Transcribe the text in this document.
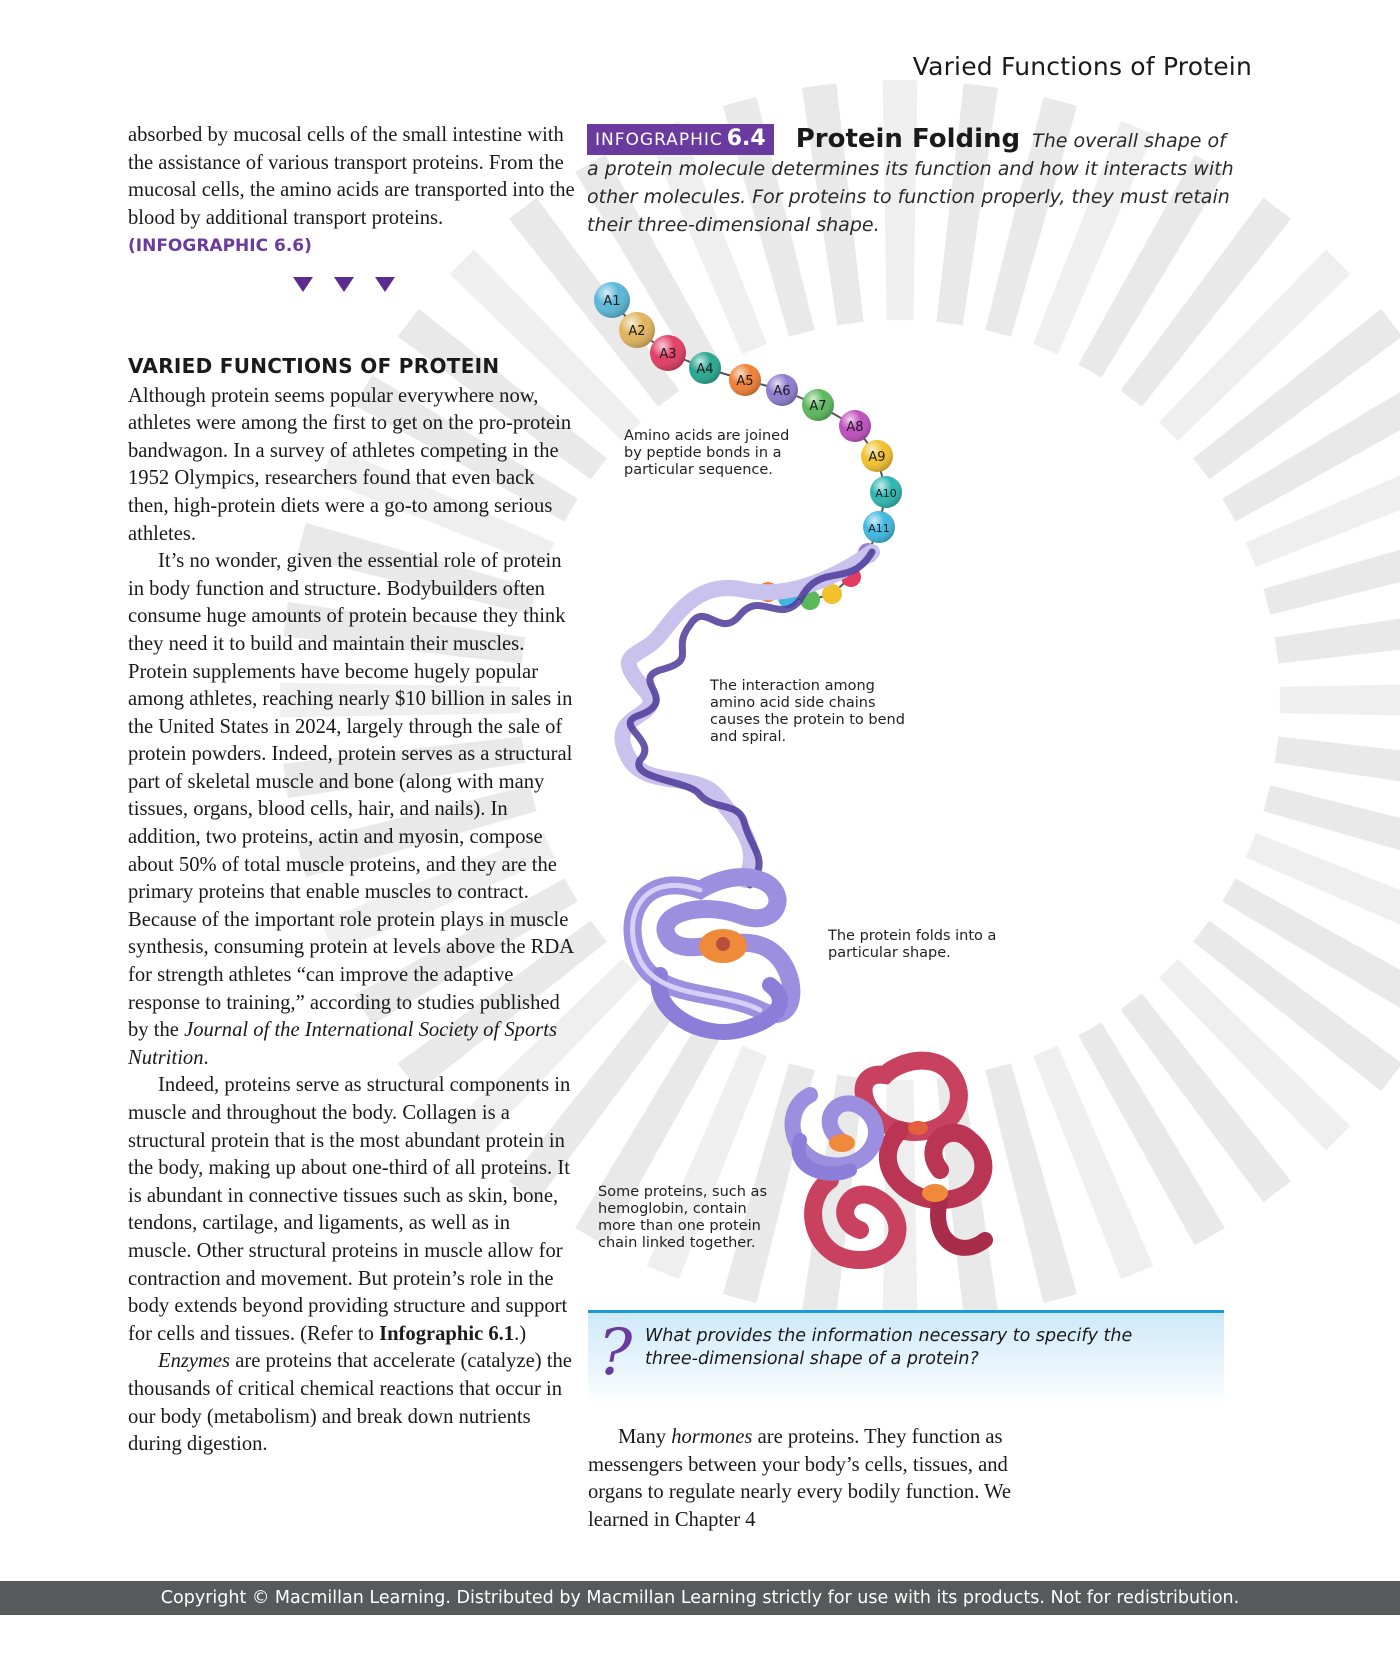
Varied Functions of Protein

absorbed by mucosal cells of the small intestine with the assistance of various transport proteins. From the mucosal cells, the amino acids are transported into the blood by additional transport proteins. (INFOGRAPHIC 6.6)

VARIED FUNCTIONS OF PROTEIN

Although protein seems popular everywhere now, athletes were among the first to get on the pro-protein bandwagon. In a survey of athletes competing in the 1952 Olympics, researchers found that even back then, high-protein diets were a go-to among serious athletes.

It’s no wonder, given the essential role of protein in body function and structure. Bodybuilders often consume huge amounts of protein because they think they need it to build and maintain their muscles. Protein supplements have become hugely popular among athletes, reaching nearly $10 billion in sales in the United States in 2024, largely through the sale of protein powders. Indeed, protein serves as a structural part of skeletal muscle and bone (along with many tissues, organs, blood cells, hair, and nails). In addition, two proteins, actin and myosin, compose about 50% of total muscle proteins, and they are the primary proteins that enable muscles to contract. Because of the important role protein plays in muscle synthesis, consuming protein at levels above the RDA for strength athletes “can improve the adaptive response to training,” according to studies published by the Journal of the International Society of Sports Nutrition.

Indeed, proteins serve as structural components in muscle and throughout the body. Collagen is a structural protein that is the most abundant protein in the body, making up about one-third of all proteins. It is abundant in connective tissues such as skin, bone, tendons, cartilage, and ligaments, as well as in muscle. Other structural proteins in muscle allow for contraction and movement. But protein’s role in the body extends beyond providing structure and support for cells and tissues. (Refer to Infographic 6.1.)

Enzymes are proteins that accelerate (catalyze) the thousands of critical chemical reactions that occur in our body (metabolism) and break down nutrients during digestion.

INFOGRAPHIC 6.4 Protein Folding The overall shape of a protein molecule determines its function and how it interacts with other molecules. For proteins to function properly, they must retain their three-dimensional shape.
A1
A2
A3
A4
A5
A6
A7
A8
A9
A10
A11
Amino acids are joined by peptide bonds in a particular sequence.
The interaction among amino acid side chains causes the protein to bend and spiral.
The protein folds into a particular shape.
Some proteins, such as hemoglobin, contain more than one protein chain linked together.
? What provides the information necessary to specify the three-dimensional shape of a protein?

Many hormones are proteins. They function as messengers between your body’s cells, tissues, and organs to regulate nearly every bodily function. We learned in Chapter 4

Copyright © Macmillan Learning. Distributed by Macmillan Learning strictly for use with its products. Not for redistribution.
